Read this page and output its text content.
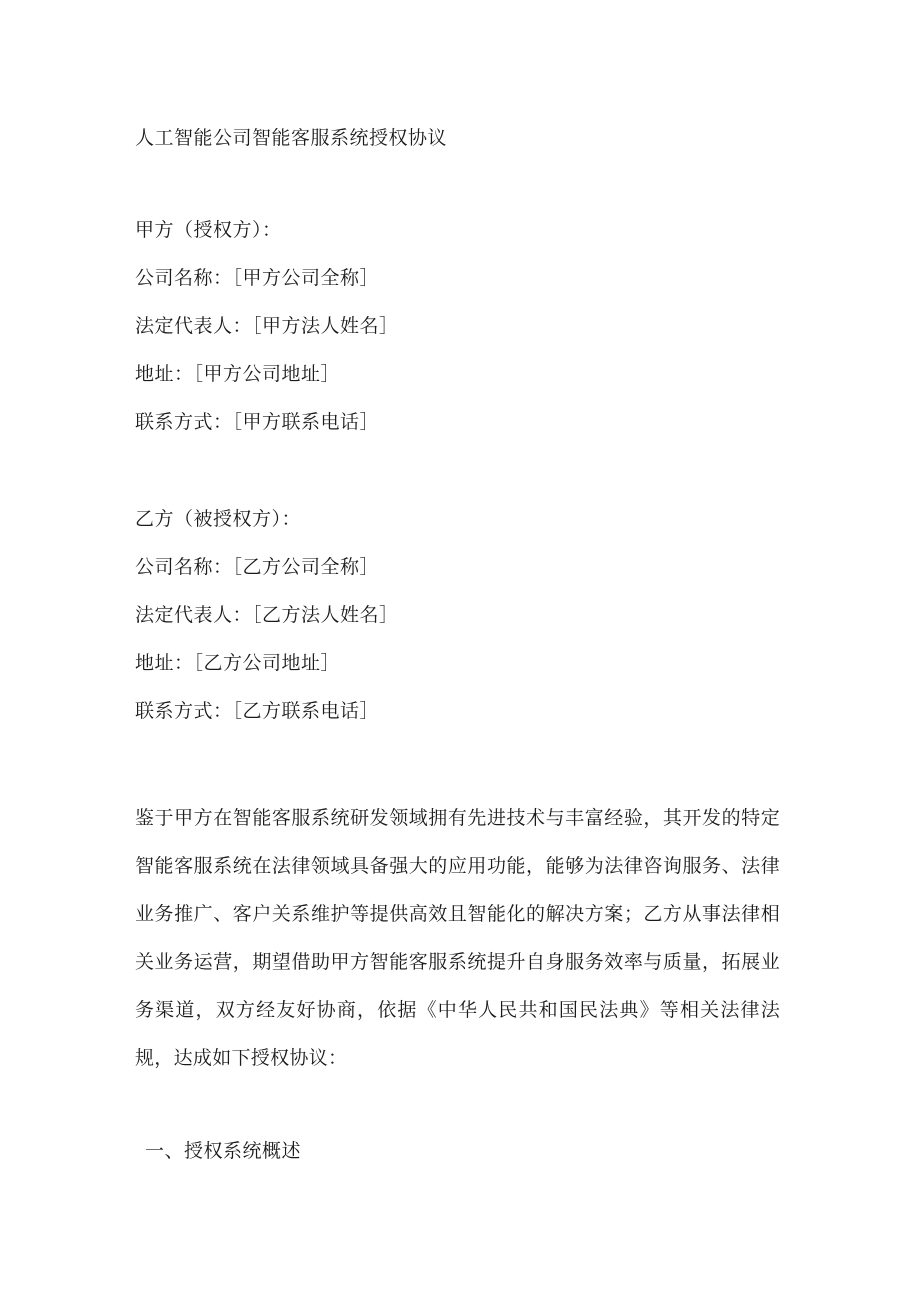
人工智能公司智能客服系统授权协议
甲方（授权方）：
公司名称：［甲方公司全称］
法定代表人：［甲方法人姓名］
地址：［甲方公司地址］
联系方式：［甲方联系电话］
乙方（被授权方）：
公司名称：［乙方公司全称］
法定代表人：［乙方法人姓名］
地址：［乙方公司地址］
联系方式：［乙方联系电话］

鉴于甲方在智能客服系统研发领域拥有先进技术与丰富经验，其开发的特定智能客服系统在法律领域具备强大的应用功能，能够为法律咨询服务、法律业务推广、客户关系维护等提供高效且智能化的解决方案；乙方从事法律相关业务运营，期望借助甲方智能客服系统提升自身服务效率与质量，拓展业务渠道，双方经友好协商，依据《中华人民共和国民法典》等相关法律法规，达成如下授权协议：

一、授权系统概述
